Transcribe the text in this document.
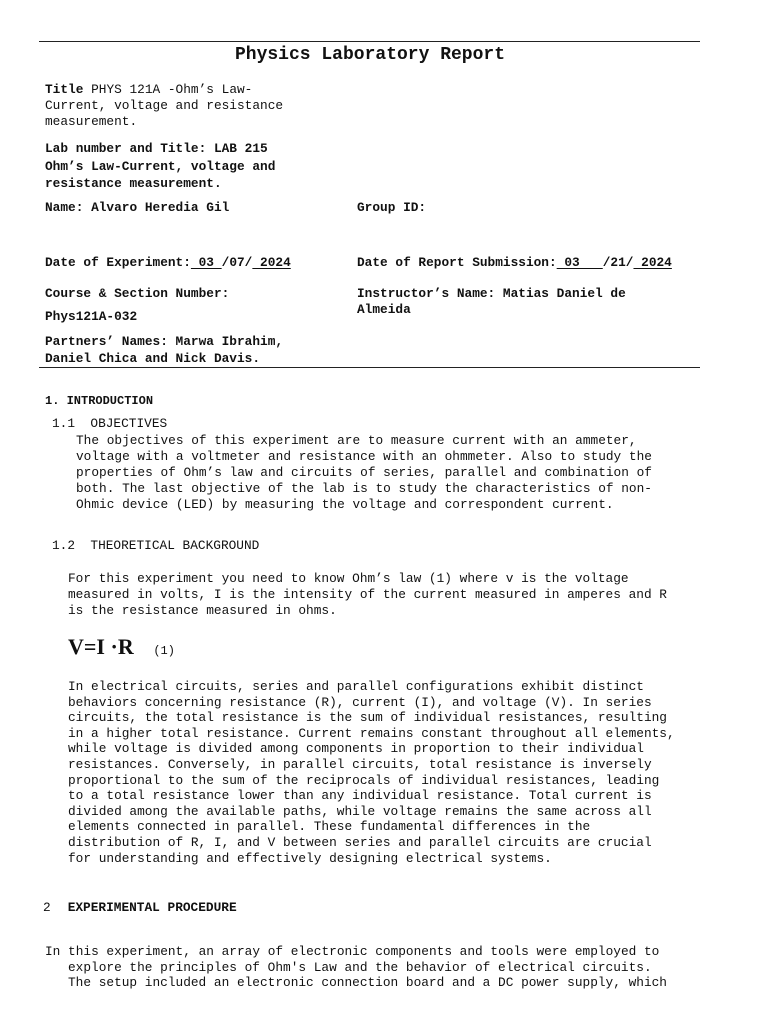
Physics Laboratory Report
Title PHYS 121A -Ohm’s Law-
Current, voltage and resistance
measurement.
Lab number and Title: LAB 215
Ohm’s Law-Current, voltage and
resistance measurement.
Name: Alvaro Heredia Gil	Group ID:
Date of Experiment: 03 /07/ 2024	Date of Report Submission: 03   /21/ 2024
Course & Section Number:
Phys121A-032
Instructor’s Name: Matias Daniel de
Almeida
Partners’ Names: Marwa Ibrahim,
Daniel Chica and Nick Davis.
1. INTRODUCTION
1.1  OBJECTIVES
The objectives of this experiment are to measure current with an ammeter,
voltage with a voltmeter and resistance with an ohmmeter. Also to study the
properties of Ohm’s law and circuits of series, parallel and combination of
both. The last objective of the lab is to study the characteristics of non-
Ohmic device (LED) by measuring the voltage and correspondent current.
1.2  THEORETICAL BACKGROUND
For this experiment you need to know Ohm’s law (1) where v is the voltage
measured in volts, I is the intensity of the current measured in amperes and R
is the resistance measured in ohms.
V=I ·R (1)
In electrical circuits, series and parallel configurations exhibit distinct
behaviors concerning resistance (R), current (I), and voltage (V). In series
circuits, the total resistance is the sum of individual resistances, resulting
in a higher total resistance. Current remains constant throughout all elements,
while voltage is divided among components in proportion to their individual
resistances. Conversely, in parallel circuits, total resistance is inversely
proportional to the sum of the reciprocals of individual resistances, leading
to a total resistance lower than any individual resistance. Total current is
divided among the available paths, while voltage remains the same across all
elements connected in parallel. These fundamental differences in the
distribution of R, I, and V between series and parallel circuits are crucial
for understanding and effectively designing electrical systems.
2 EXPERIMENTAL PROCEDURE
In this experiment, an array of electronic components and tools were employed to
explore the principles of Ohm's Law and the behavior of electrical circuits.
The setup included an electronic connection board and a DC power supply, which
